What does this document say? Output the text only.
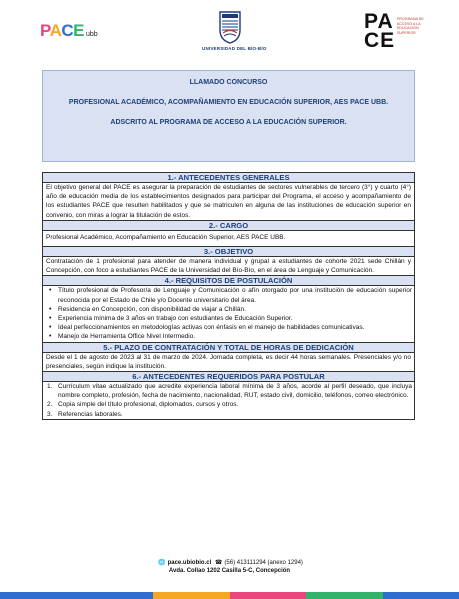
PACE ubb
UNIVERSIDAD DEL BÍO-BÍO
PA
CE
PROGRAMA DE ACCESO A LA EDUCACIÓN SUPERIOR

LLAMADO CONCURSO

PROFESIONAL ACADÉMICO, ACOMPAÑAMIENTO EN EDUCACIÓN SUPERIOR, AES PACE UBB.

ADSCRITO AL PROGRAMA DE ACCESO A LA EDUCACIÓN SUPERIOR.

1.- ANTECEDENTES GENERALES
El objetivo general del PACE es asegurar la preparación de estudiantes de sectores vulnerables de tercero (3°) y cuarto (4°) año de educación media de los establecimientos designados para participar del Programa, el acceso y acompañamiento de los estudiantes PACE que resulten habilitados y que se matriculen en alguna de las instituciones de educación superior en convenio, con miras a lograr la titulación de estos.
2.- CARGO
Profesional Académico, Acompañamiento en Educación Superior, AES PACE UBB.
3.- OBJETIVO
Contratación de 1 profesional para atender de manera individual y grupal a estudiantes de cohorte 2021 sede Chillán y Concepción, con foco a estudiantes PACE de la Universidad del Bío-Bío, en el área de Lenguaje y Comunicación.
4.- REQUISITOS DE POSTULACIÓN
• Título profesional de Profesor/a de Lenguaje y Comunicación o afín otorgado por una institución de educación superior reconocida por el Estado de Chile y/o Docente universitario del área.
• Residencia en Concepción, con disponibilidad de viajar a Chillán.
• Experiencia mínima de 3 años en trabajo con estudiantes de Educación Superior.
• Ideal perfeccionamientos en metodologías activas con énfasis en el manejo de habilidades comunicativas.
• Manejo de Herramienta Office Nivel Intermedio.
5.- PLAZO DE CONTRATACIÓN Y TOTAL DE HORAS DE DEDICACIÓN
Desde el 1 de agosto de 2023 al 31 de marzo de 2024. Jornada completa, es decir 44 horas semanales. Presenciales y/o no presenciales, según indique la institución.
6.- ANTECEDENTES REQUERIDOS PARA POSTULAR
1. Currículum vitae actualizado que acredite experiencia laboral mínima de 3 años, acorde al perfil deseado, que incluya nombre completo, profesión, fecha de nacimiento, nacionalidad, RUT, estado civil, domicilio, teléfonos, correo electrónico.
2. Copia simple del título profesional, diplomados, cursos y otros.
3. Referencias laborales.
🌐 pace.ubiobio.cl ☎ (56) 413111294 (anexo 1294)
Avda. Collao 1202 Casilla 5-C, Concepción
